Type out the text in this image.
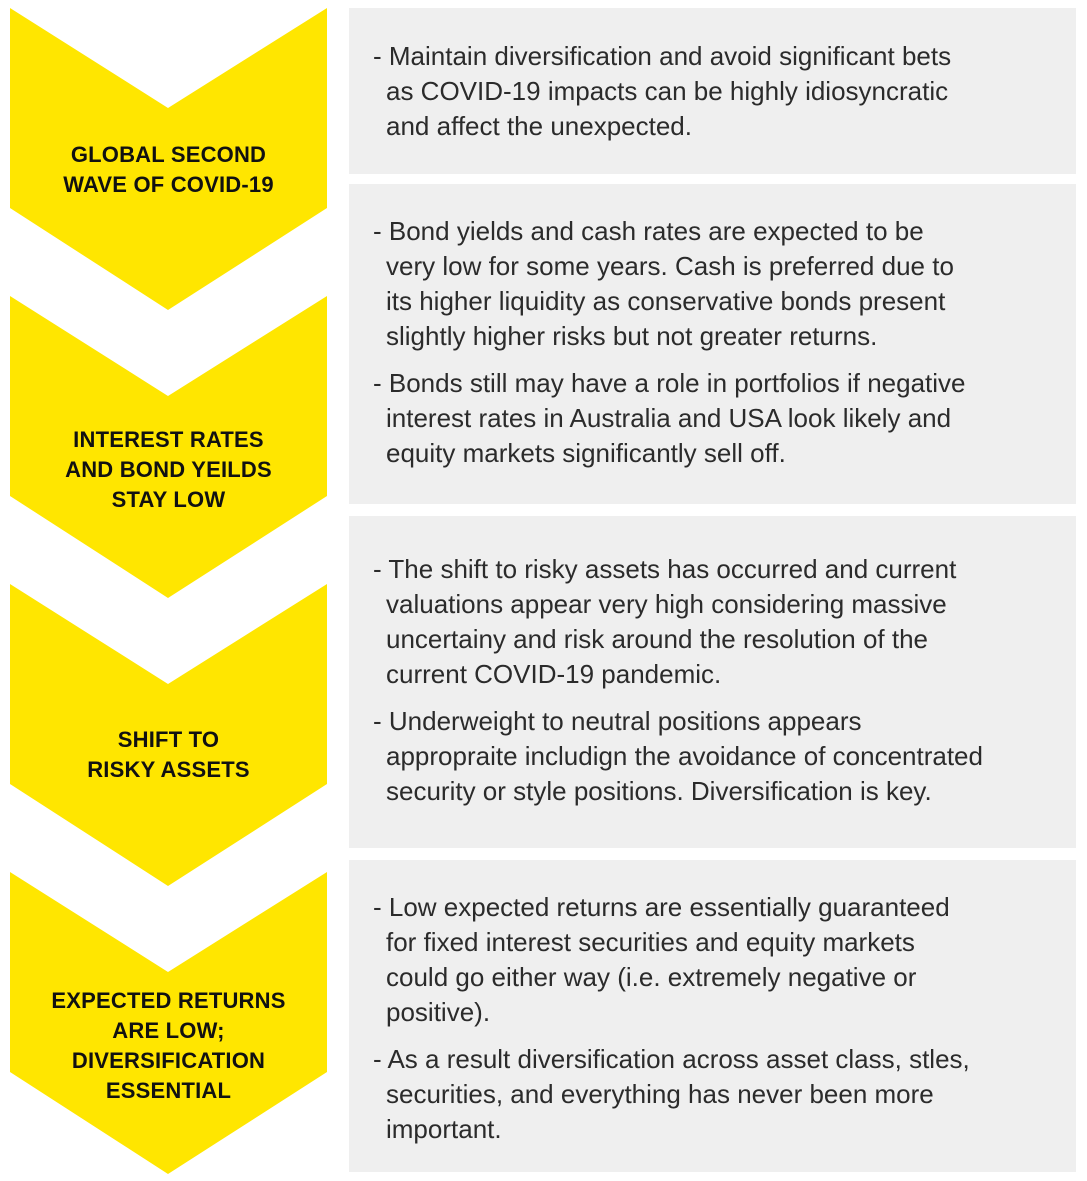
GLOBAL SECOND
WAVE OF COVID-19
INTEREST RATES
AND BOND YEILDS
STAY LOW
SHIFT TO
RISKY ASSETS
EXPECTED RETURNS
ARE LOW;
DIVERSIFICATION
ESSENTIAL
- Maintain diversification and avoid significant bets
as COVID-19 impacts can be highly idiosyncratic
and affect the unexpected.
- Bond yields and cash rates are expected to be
very low for some years. Cash is preferred due to
its higher liquidity as conservative bonds present
slightly higher risks but not greater returns.
- Bonds still may have a role in portfolios if negative
interest rates in Australia and USA look likely and
equity markets significantly sell off.
- The shift to risky assets has occurred and current
valuations appear very high considering massive
uncertainy and risk around the resolution of the
current COVID-19 pandemic.
- Underweight to neutral positions appears
appropraite includign the avoidance of concentrated
security or style positions. Diversification is key.
- Low expected returns are essentially guaranteed
for fixed interest securities and equity markets
could go either way (i.e. extremely negative or
positive).
- As a result diversification across asset class, stles,
securities, and everything has never been more
important.
